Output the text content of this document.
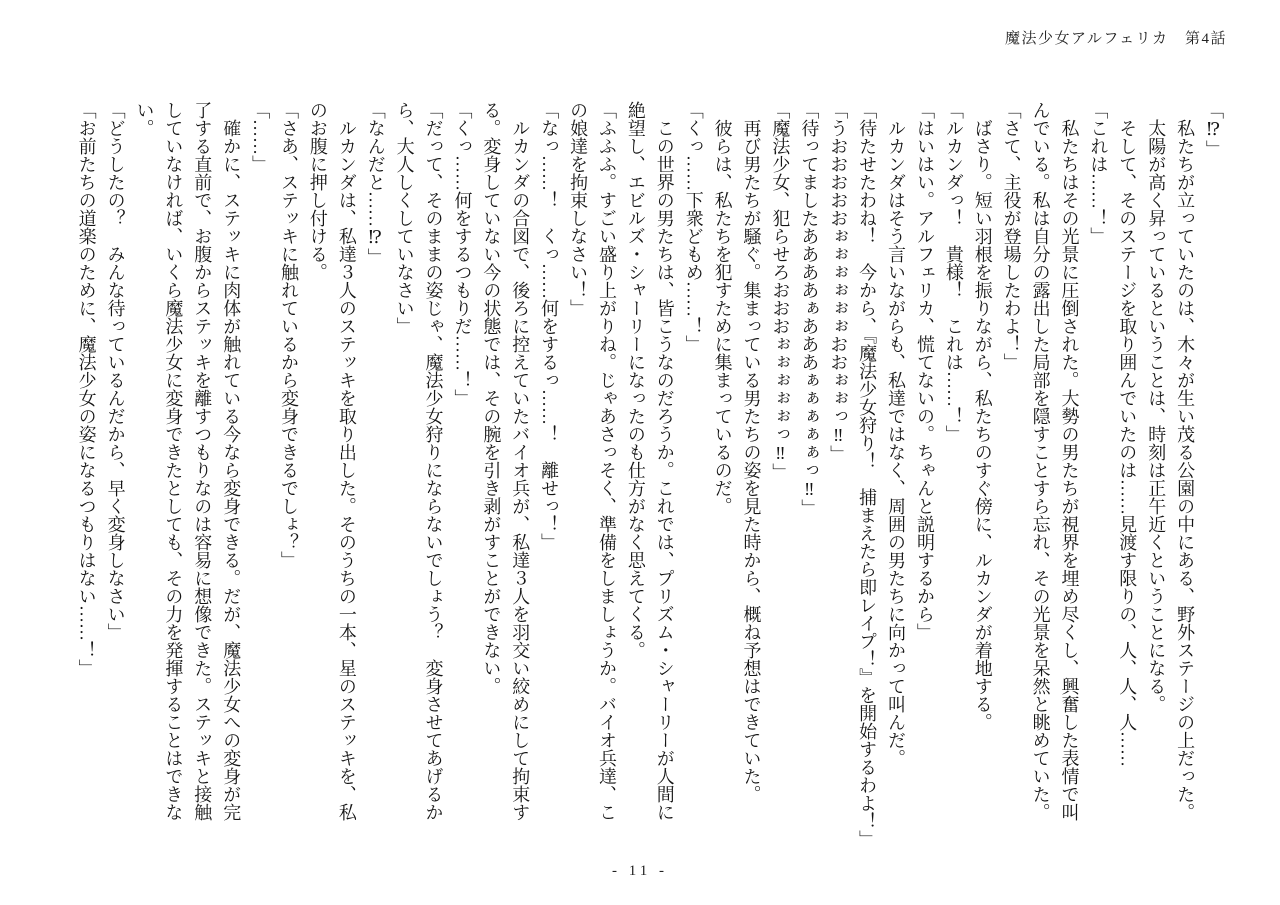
魔法少女アルフェリカ　第4話
「⁉」
私たちが立っていたのは、木々が生い茂る公園の中にある、野外ステージの上だった。
太陽が高く昇っているということは、時刻は正午近くということになる。
そして、そのステージを取り囲んでいたのは……見渡す限りの、人、人、人……
「これは……！」
私たちはその光景に圧倒された。大勢の男たちが視界を埋め尽くし、興奮した表情で叫
んでいる。私は自分の露出した局部を隠すことすら忘れ、その光景を呆然と眺めていた。
「さて、主役が登場したわよ！」
ばさり。短い羽根を振りながら、私たちのすぐ傍に、ルカンダが着地する。
「ルカンダっ！　貴様！　これは……！」
「はいはい。アルフェリカ、慌てないの。ちゃんと説明するから」
ルカンダはそう言いながらも、私達ではなく、周囲の男たちに向かって叫んだ。
「待たせたわね！　今から、『魔法少女狩り！　捕まえたら即レイプ！』を開始するわよ！」
「うおおおおおぉぉぉぉぉぉおおぉぉっ‼」
「待ってましたああああぁあああぁぁぁぁぁっ‼」
「魔法少女、犯らせろおおおぉぉぉぉぉっ‼」
再び男たちが騒ぐ。集まっている男たちの姿を見た時から、概ね予想はできていた。
彼らは、私たちを犯すために集まっているのだ。
「くっ……下衆どもめ……！」
この世界の男たちは、皆こうなのだろうか。これでは、プリズム・シャーリーが人間に
絶望し、エビルズ・シャーリーになったのも仕方がなく思えてくる。
「ふふふ。すごい盛り上がりね。じゃあさっそく、準備をしましょうか。バイオ兵達、こ
の娘達を拘束しなさい！」
「なっ……！　くっ……何をするっ……！　離せっ！」
ルカンダの合図で、後ろに控えていたバイオ兵が、私達３人を羽交い絞めにして拘束す
る。変身していない今の状態では、その腕を引き剥がすことができない。
「くっ……何をするつもりだ……！」
「だって、そのままの姿じゃ、魔法少女狩りにならないでしょう？　変身させてあげるか
ら、大人しくしていなさい」
「なんだと……⁉」
ルカンダは、私達３人のステッキを取り出した。そのうちの一本、星のステッキを、私
のお腹に押し付ける。
「さあ、ステッキに触れているから変身できるでしょ？」
「……」
確かに、ステッキに肉体が触れている今なら変身できる。だが、魔法少女への変身が完
了する直前で、お腹からステッキを離すつもりなのは容易に想像できた。ステッキと接触
していなければ、いくら魔法少女に変身できたとしても、その力を発揮することはできな
い。
「どうしたの？　みんな待っているんだから、早く変身しなさい」
「お前たちの道楽のために、魔法少女の姿になるつもりはない……！」
- 11 -
